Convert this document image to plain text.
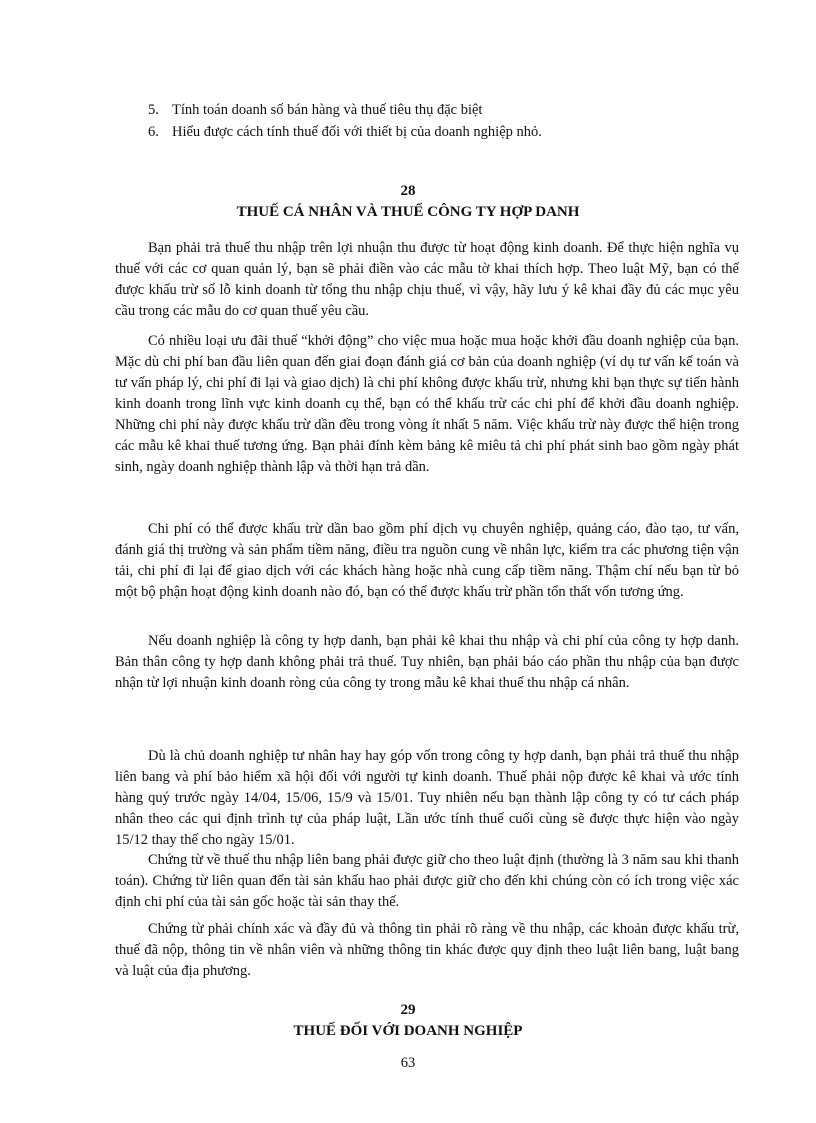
5. Tính toán doanh số bán hàng và thuế tiêu thụ đặc biệt
6. Hiểu được cách tính thuế đối với thiết bị của doanh nghiệp nhỏ.
28
THUẾ CÁ NHÂN VÀ THUẾ CÔNG TY HỢP DANH

Bạn phải trả thuế thu nhập trên lợi nhuận thu được từ hoạt động kinh doanh. Để thực hiện nghĩa vụ thuế với các cơ quan quản lý, bạn sẽ phải điền vào các mẫu tờ khai thích hợp. Theo luật Mỹ, bạn có thể được khấu trừ số lỗ kinh doanh từ tổng thu nhập chịu thuế, vì vậy, hãy lưu ý kê khai đầy đủ các mục yêu cầu trong các mẫu do cơ quan thuế yêu cầu.

Có nhiều loại ưu đãi thuế “khởi động” cho việc mua hoặc mua hoặc khởi đầu doanh nghiệp của bạn. Mặc dù chi phí ban đầu liên quan đến giai đoạn đánh giá cơ bản của doanh nghiệp (ví dụ tư vấn kế toán và tư vấn pháp lý, chi phí đi lại và giao dịch) là chi phí không được khấu trừ, nhưng khi bạn thực sự tiến hành kinh doanh trong lĩnh vực kinh doanh cụ thể, bạn có thể khấu trừ các chi phí để khởi đầu doanh nghiệp. Những chi phí này được khấu trừ dần đều trong vòng ít nhất 5 năm. Việc khấu trừ này được thể hiện trong các mẫu kê khai thuế tương ứng. Bạn phải đính kèm bảng kê miêu tả chi phí phát sinh bao gồm ngày phát sinh, ngày doanh nghiệp thành lập và thời hạn trả dần.

Chi phí có thể được khấu trừ dần bao gồm phí dịch vụ chuyên nghiệp, quảng cáo, đào tạo, tư vấn, đánh giá thị trường và sản phẩm tiềm năng, điều tra nguồn cung về nhân lực, kiểm tra các phương tiện vận tải, chi phí đi lại để giao dịch với các khách hàng hoặc nhà cung cấp tiềm năng. Thậm chí nếu bạn từ bỏ một bộ phận hoạt động kinh doanh nào đó, bạn có thể được khấu trừ phần tổn thất vốn tương ứng.

Nếu doanh nghiệp là công ty hợp danh, bạn phải kê khai thu nhập và chi phí của công ty hợp danh. Bản thân công ty hợp danh không phải trả thuế. Tuy nhiên, bạn phải báo cáo phần thu nhập của bạn được nhận từ lợi nhuận kinh doanh ròng của công ty trong mẫu kê khai thuế thu nhập cá nhân.

Dù là chủ doanh nghiệp tư nhân hay hay góp vốn trong công ty hợp danh, bạn phải trả thuế thu nhập liên bang và phí bảo hiểm xã hội đối với người tự kinh doanh. Thuế phải nộp được kê khai và ước tính hàng quý trước ngày 14/04, 15/06, 15/9 và 15/01. Tuy nhiên nếu bạn thành lập công ty có tư cách pháp nhân theo các qui định trình tự của pháp luật, Lần ước tính thuế cuối cùng sẽ được thực hiện vào ngày 15/12 thay thế cho ngày 15/01.

Chứng từ về thuế thu nhập liên bang phải được giữ cho theo luật định (thường là 3 năm sau khi thanh toán). Chứng từ liên quan đến tài sản khấu hao phải được giữ cho đến khi chúng còn có ích trong việc xác định chi phí của tài sản gốc hoặc tài sản thay thế.

Chứng từ phải chính xác và đầy đủ và thông tin phải rõ ràng về thu nhập, các khoản được khấu trừ, thuế đã nộp, thông tin về nhân viên và những thông tin khác được quy định theo luật liên bang, luật bang và luật của địa phương.

29
THUẾ ĐỐI VỚI DOANH NGHIỆP
63
